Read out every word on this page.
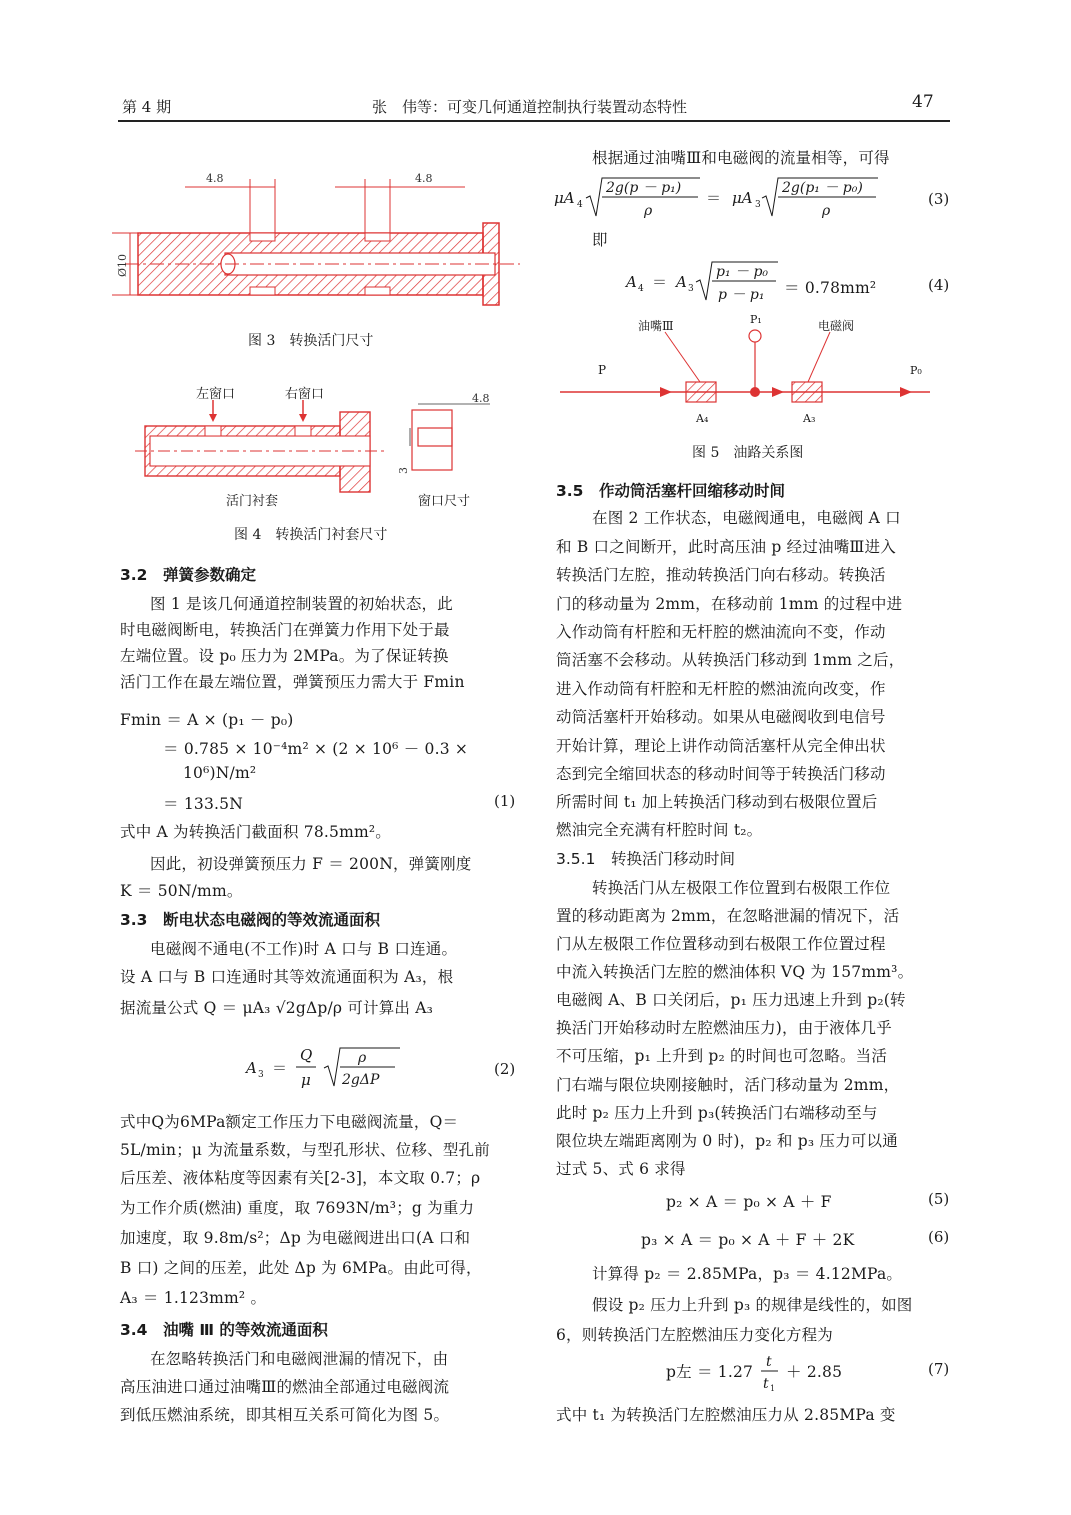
第 4 期	张　伟等：可变几何通道控制执行装置动态特性	47
4.8	4.8
Ø10
图 3　转换活门尺寸
左窗口	右窗口	4.8
3
活门衬套	窗口尺寸
图 4　转换活门衬套尺寸
3.2　弹簧参数确定
图 1 是该几何通道控制装置的初始状态，此
时电磁阀断电，转换活门在弹簧力作用下处于最
左端位置。设 p₀ 压力为 2MPa。为了保证转换
活门工作在最左端位置，弹簧预压力需大于 Fmin
Fmin ＝ A × (p₁ － p₀)
＝ 0.785 × 10⁻⁴m² × (2 × 10⁶ － 0.3 ×
10⁶)N/m²
＝ 133.5N	(1)
式中 A 为转换活门截面积 78.5mm²。
因此，初设弹簧预压力 F ＝ 200N，弹簧刚度
K ＝ 50N/mm。
3.3　断电状态电磁阀的等效流通面积
电磁阀不通电(不工作)时 A 口与 B 口连通。
设 A 口与 B 口连通时其等效流通面积为 A₃，根
据流量公式 Q ＝ μA₃ √2gΔp/ρ 可计算出 A₃
A 3 ＝
Q
μ
ρ
2gΔP
(2)
式中Q为6MPa额定工作压力下电磁阀流量，Q＝
5L/min；μ 为流量系数，与型孔形状、位移、型孔前
后压差、液体粘度等因素有关[2-3]，本文取 0.7；ρ
为工作介质(燃油) 重度，取 7693N/m³；g 为重力
加速度，取 9.8m/s²；Δp 为电磁阀进出口(A 口和
B 口) 之间的压差，此处 Δp 为 6MPa。由此可得，
A₃ ＝ 1.123mm² 。
3.4　油嘴 Ⅲ 的等效流通面积
在忽略转换活门和电磁阀泄漏的情况下，由
高压油进口通过油嘴Ⅲ的燃油全部通过电磁阀流
到低压燃油系统，即其相互关系可简化为图 5。
根据通过油嘴Ⅲ和电磁阀的流量相等，可得
μA 4
2g(p － p₁)
ρ
＝ μA 3
2g(p₁ － p₀)
ρ
(3)
即
A 4 ＝ A 3
p₁ － p₀
p － p₁ ＝ 0.78mm²	(4)
油嘴Ⅲ	P₁	电磁阀
P	P₀
A₄	A₃
图 5　油路关系图
3.5　作动筒活塞杆回缩移动时间
在图 2 工作状态，电磁阀通电，电磁阀 A 口
和 B 口之间断开，此时高压油 p 经过油嘴Ⅲ进入
转换活门左腔，推动转换活门向右移动。转换活
门的移动量为 2mm，在移动前 1mm 的过程中进
入作动筒有杆腔和无杆腔的燃油流向不变，作动
筒活塞不会移动。从转换活门移动到 1mm 之后，
进入作动筒有杆腔和无杆腔的燃油流向改变，作
动筒活塞杆开始移动。如果从电磁阀收到电信号
开始计算，理论上讲作动筒活塞杆从完全伸出状
态到完全缩回状态的移动时间等于转换活门移动
所需时间 t₁ 加上转换活门移动到右极限位置后
燃油完全充满有杆腔时间 t₂。
3.5.1　转换活门移动时间
转换活门从左极限工作位置到右极限工作位
置的移动距离为 2mm，在忽略泄漏的情况下，活
门从左极限工作位置移动到右极限工作位置过程
中流入转换活门左腔的燃油体积 VQ 为 157mm³。
电磁阀 A、B 口关闭后，p₁ 压力迅速上升到 p₂(转
换活门开始移动时左腔燃油压力)，由于液体几乎
不可压缩，p₁ 上升到 p₂ 的时间也可忽略。当活
门右端与限位块刚接触时，活门移动量为 2mm，
此时 p₂ 压力上升到 p₃(转换活门右端移动至与
限位块左端距离刚为 0 时)，p₂ 和 p₃ 压力可以通
过式 5、式 6 求得
p₂ × A ＝ p₀ × A ＋ F	(5)
p₃ × A ＝ p₀ × A ＋ F ＋ 2K	(6)
计算得 p₂ ＝ 2.85MPa，p₃ ＝ 4.12MPa。
假设 p₂ 压力上升到 p₃ 的规律是线性的，如图
6，则转换活门左腔燃油压力变化方程为
p左 ＝ 1.27
t
t 1
＋ 2.85	(7)
式中 t₁ 为转换活门左腔燃油压力从 2.85MPa 变
